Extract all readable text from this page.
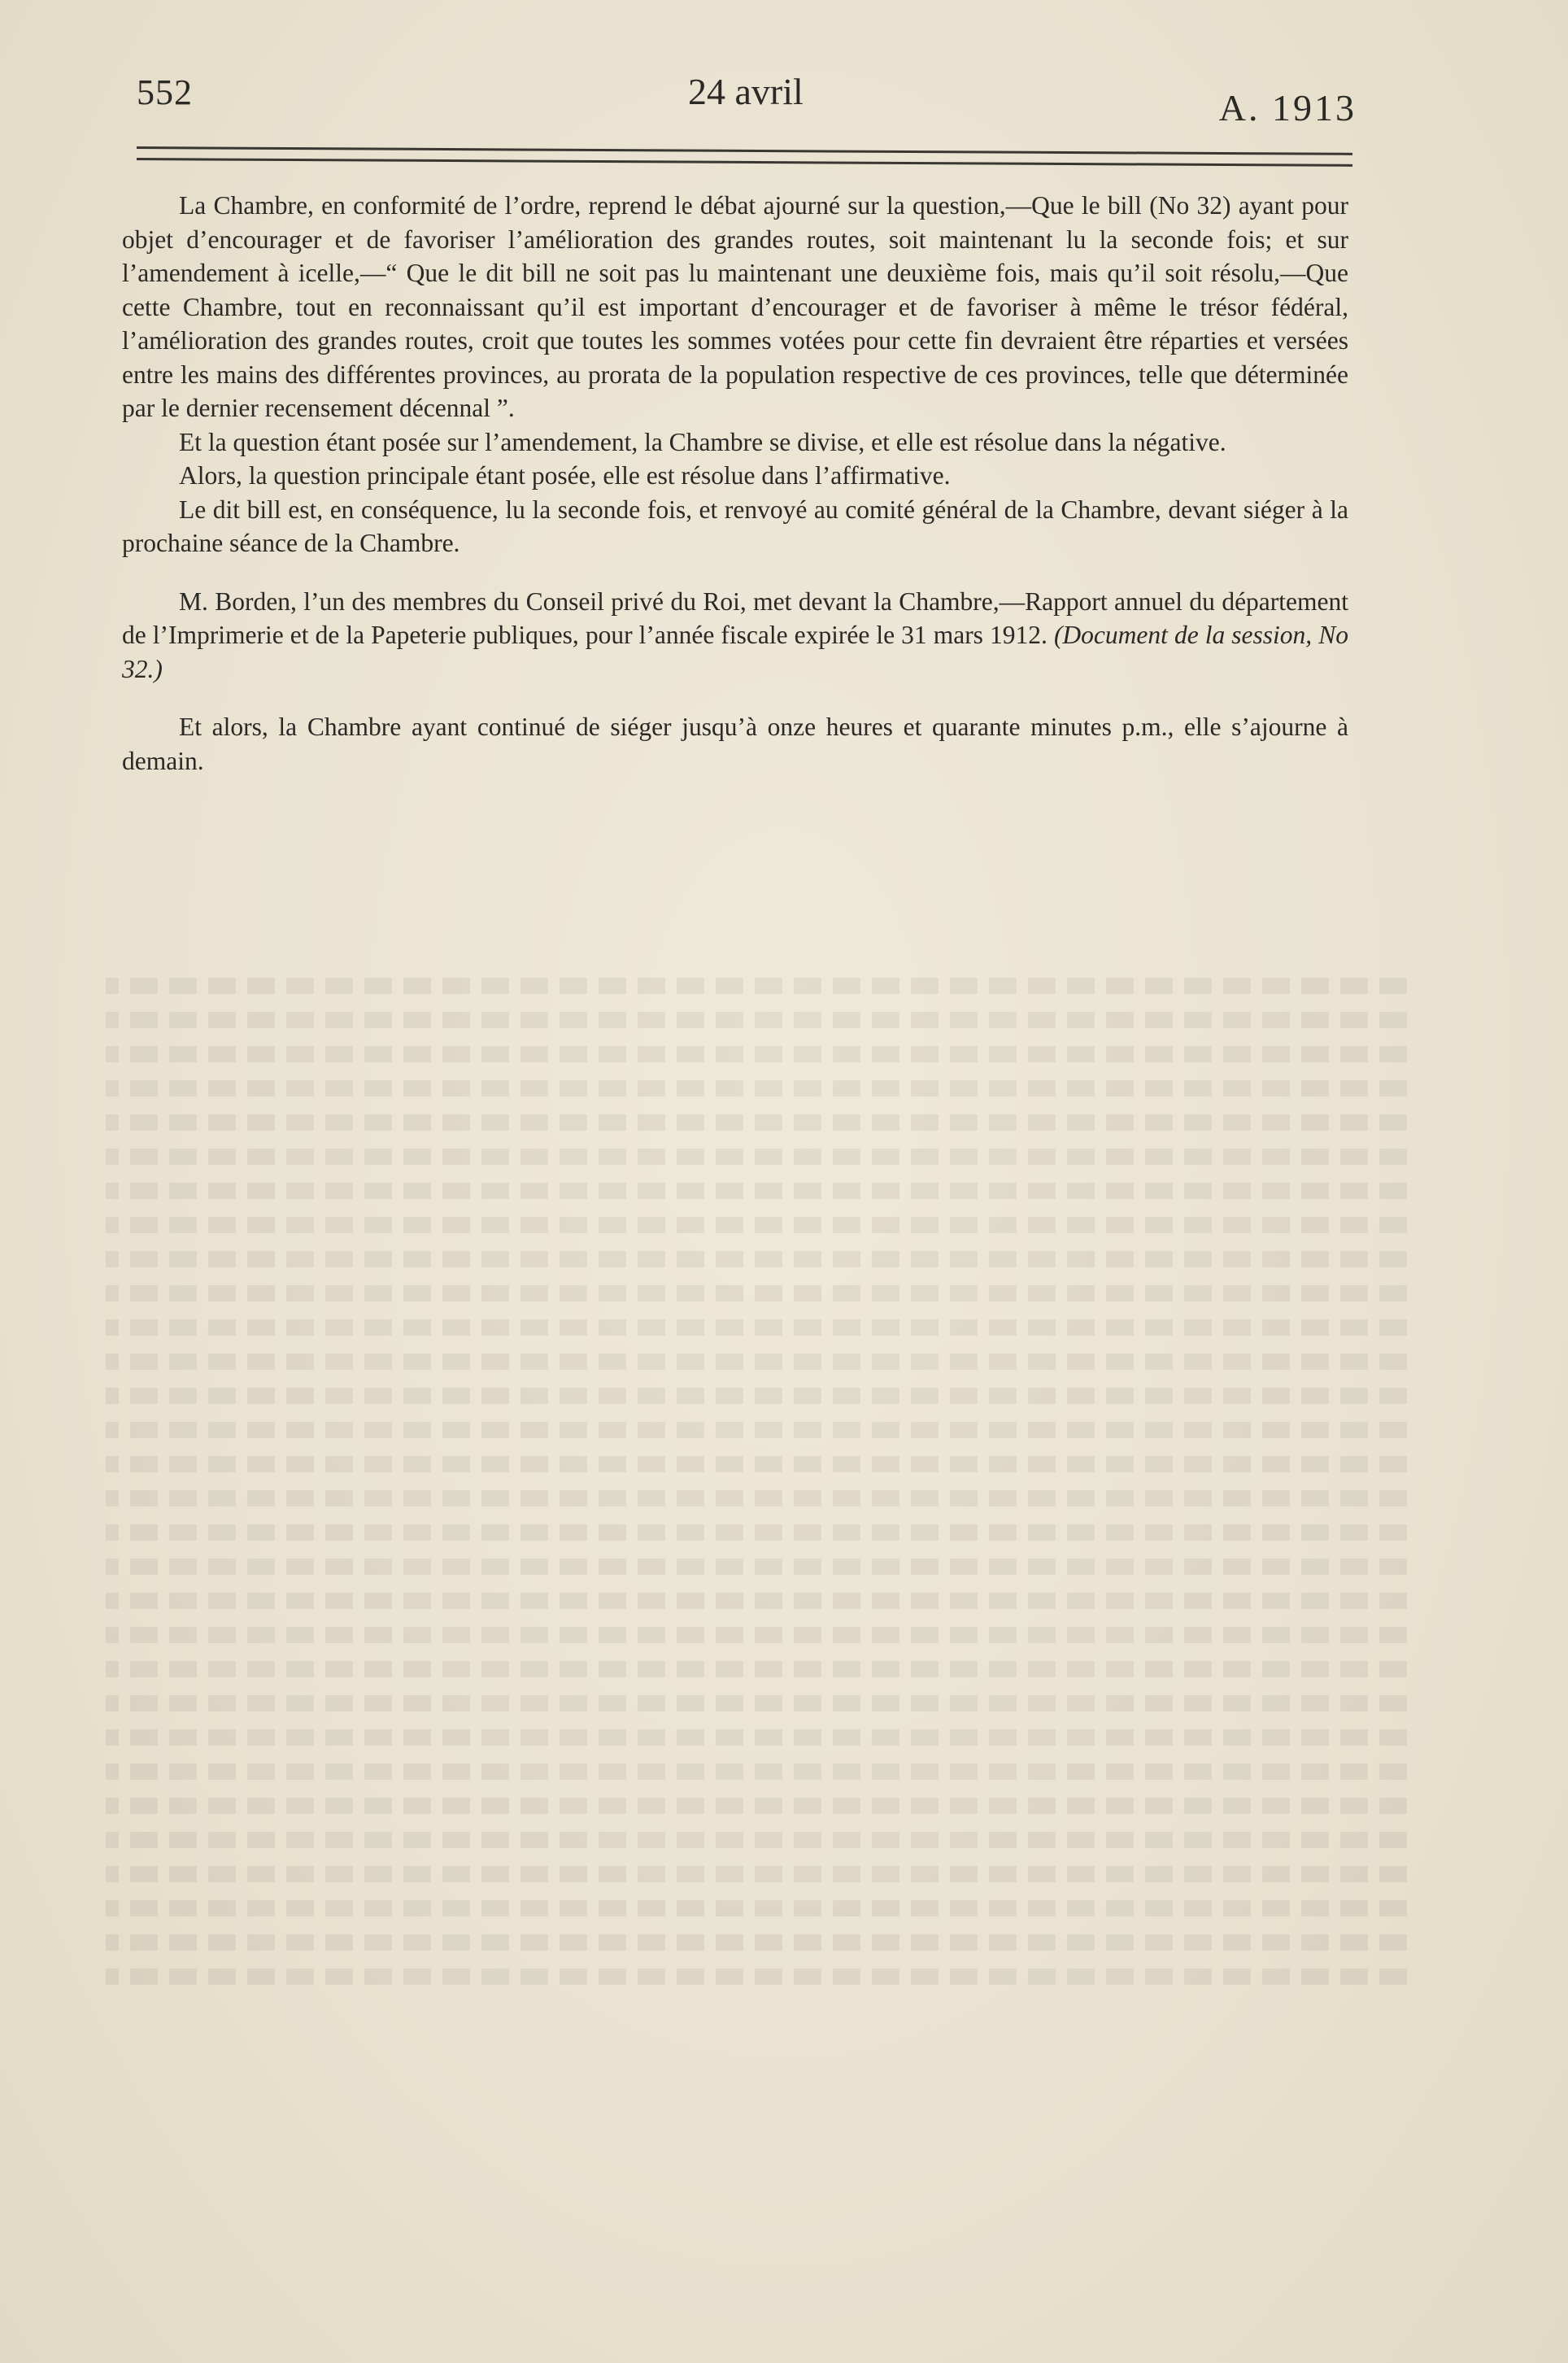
552	24 avril	A. 1913

La Chambre, en conformité de l’ordre, reprend le débat ajourné sur la question,—Que le bill (No 32) ayant pour objet d’encourager et de favoriser l’amélioration des grandes routes, soit maintenant lu la seconde fois; et sur l’amendement à icelle,—“ Que le dit bill ne soit pas lu maintenant une deuxième fois, mais qu’il soit résolu,—Que cette Chambre, tout en reconnaissant qu’il est important d’encourager et de favoriser à même le trésor fédéral, l’amélioration des grandes routes, croit que toutes les sommes votées pour cette fin devraient être réparties et versées entre les mains des différentes provinces, au prorata de la population respective de ces provinces, telle que déterminée par le dernier recensement décennal ”.

Et la question étant posée sur l’amendement, la Chambre se divise, et elle est résolue dans la négative.

Alors, la question principale étant posée, elle est résolue dans l’affirmative.

Le dit bill est, en conséquence, lu la seconde fois, et renvoyé au comité général de la Chambre, devant siéger à la prochaine séance de la Chambre.

M. Borden, l’un des membres du Conseil privé du Roi, met devant la Chambre,—Rapport annuel du département de l’Imprimerie et de la Papeterie publiques, pour l’année fiscale expirée le 31 mars 1912. (Document de la session, No 32.)

Et alors, la Chambre ayant continué de siéger jusqu’à onze heures et quarante minutes p.m., elle s’ajourne à demain.
